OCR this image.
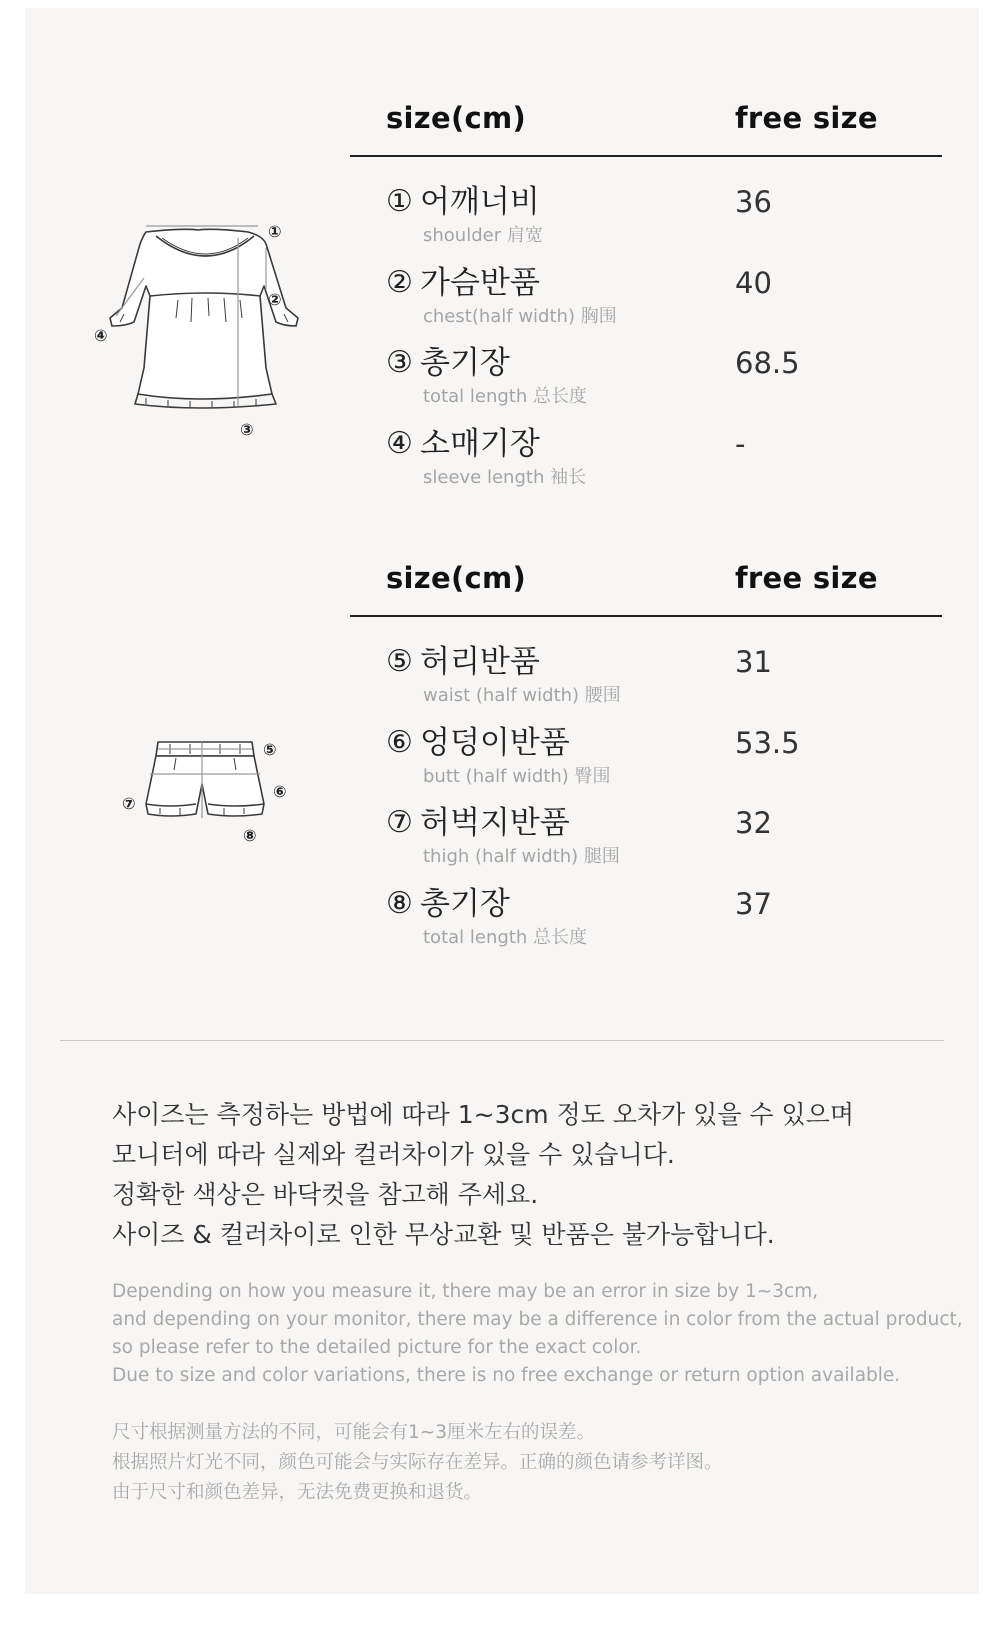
①
②
③
④
size(cm)	free size
① 어깨너비
shoulder 肩宽
36
② 가슴반품
chest(half width) 胸围
40
③ 총기장
total length 总长度
68.5
④ 소매기장
sleeve length 袖长
-
⑤
⑥
⑦
⑧
size(cm)	free size
⑤ 허리반품
waist (half width) 腰围
31
⑥ 엉덩이반품
butt (half width) 臀围
53.5
⑦ 허벅지반품
thigh (half width) 腿围
32
⑧ 총기장
total length 总长度
37
사이즈는 측정하는 방법에 따라 1~3cm 정도 오차가 있을 수 있으며
모니터에 따라 실제와 컬러차이가 있을 수 있습니다.
정확한 색상은 바닥컷을 참고해 주세요.
사이즈 & 컬러차이로 인한 무상교환 및 반품은 불가능합니다.
Depending on how you measure it, there may be an error in size by 1~3cm,
and depending on your monitor, there may be a difference in color from the actual product,
so please refer to the detailed picture for the exact color.
Due to size and color variations, there is no free exchange or return option available.
尺寸根据测量方法的不同，可能会有1~3厘米左右的误差。
根据照片灯光不同，颜色可能会与实际存在差异。正确的颜色请参考详图。
由于尺寸和颜色差异，无法免费更换和退货。
